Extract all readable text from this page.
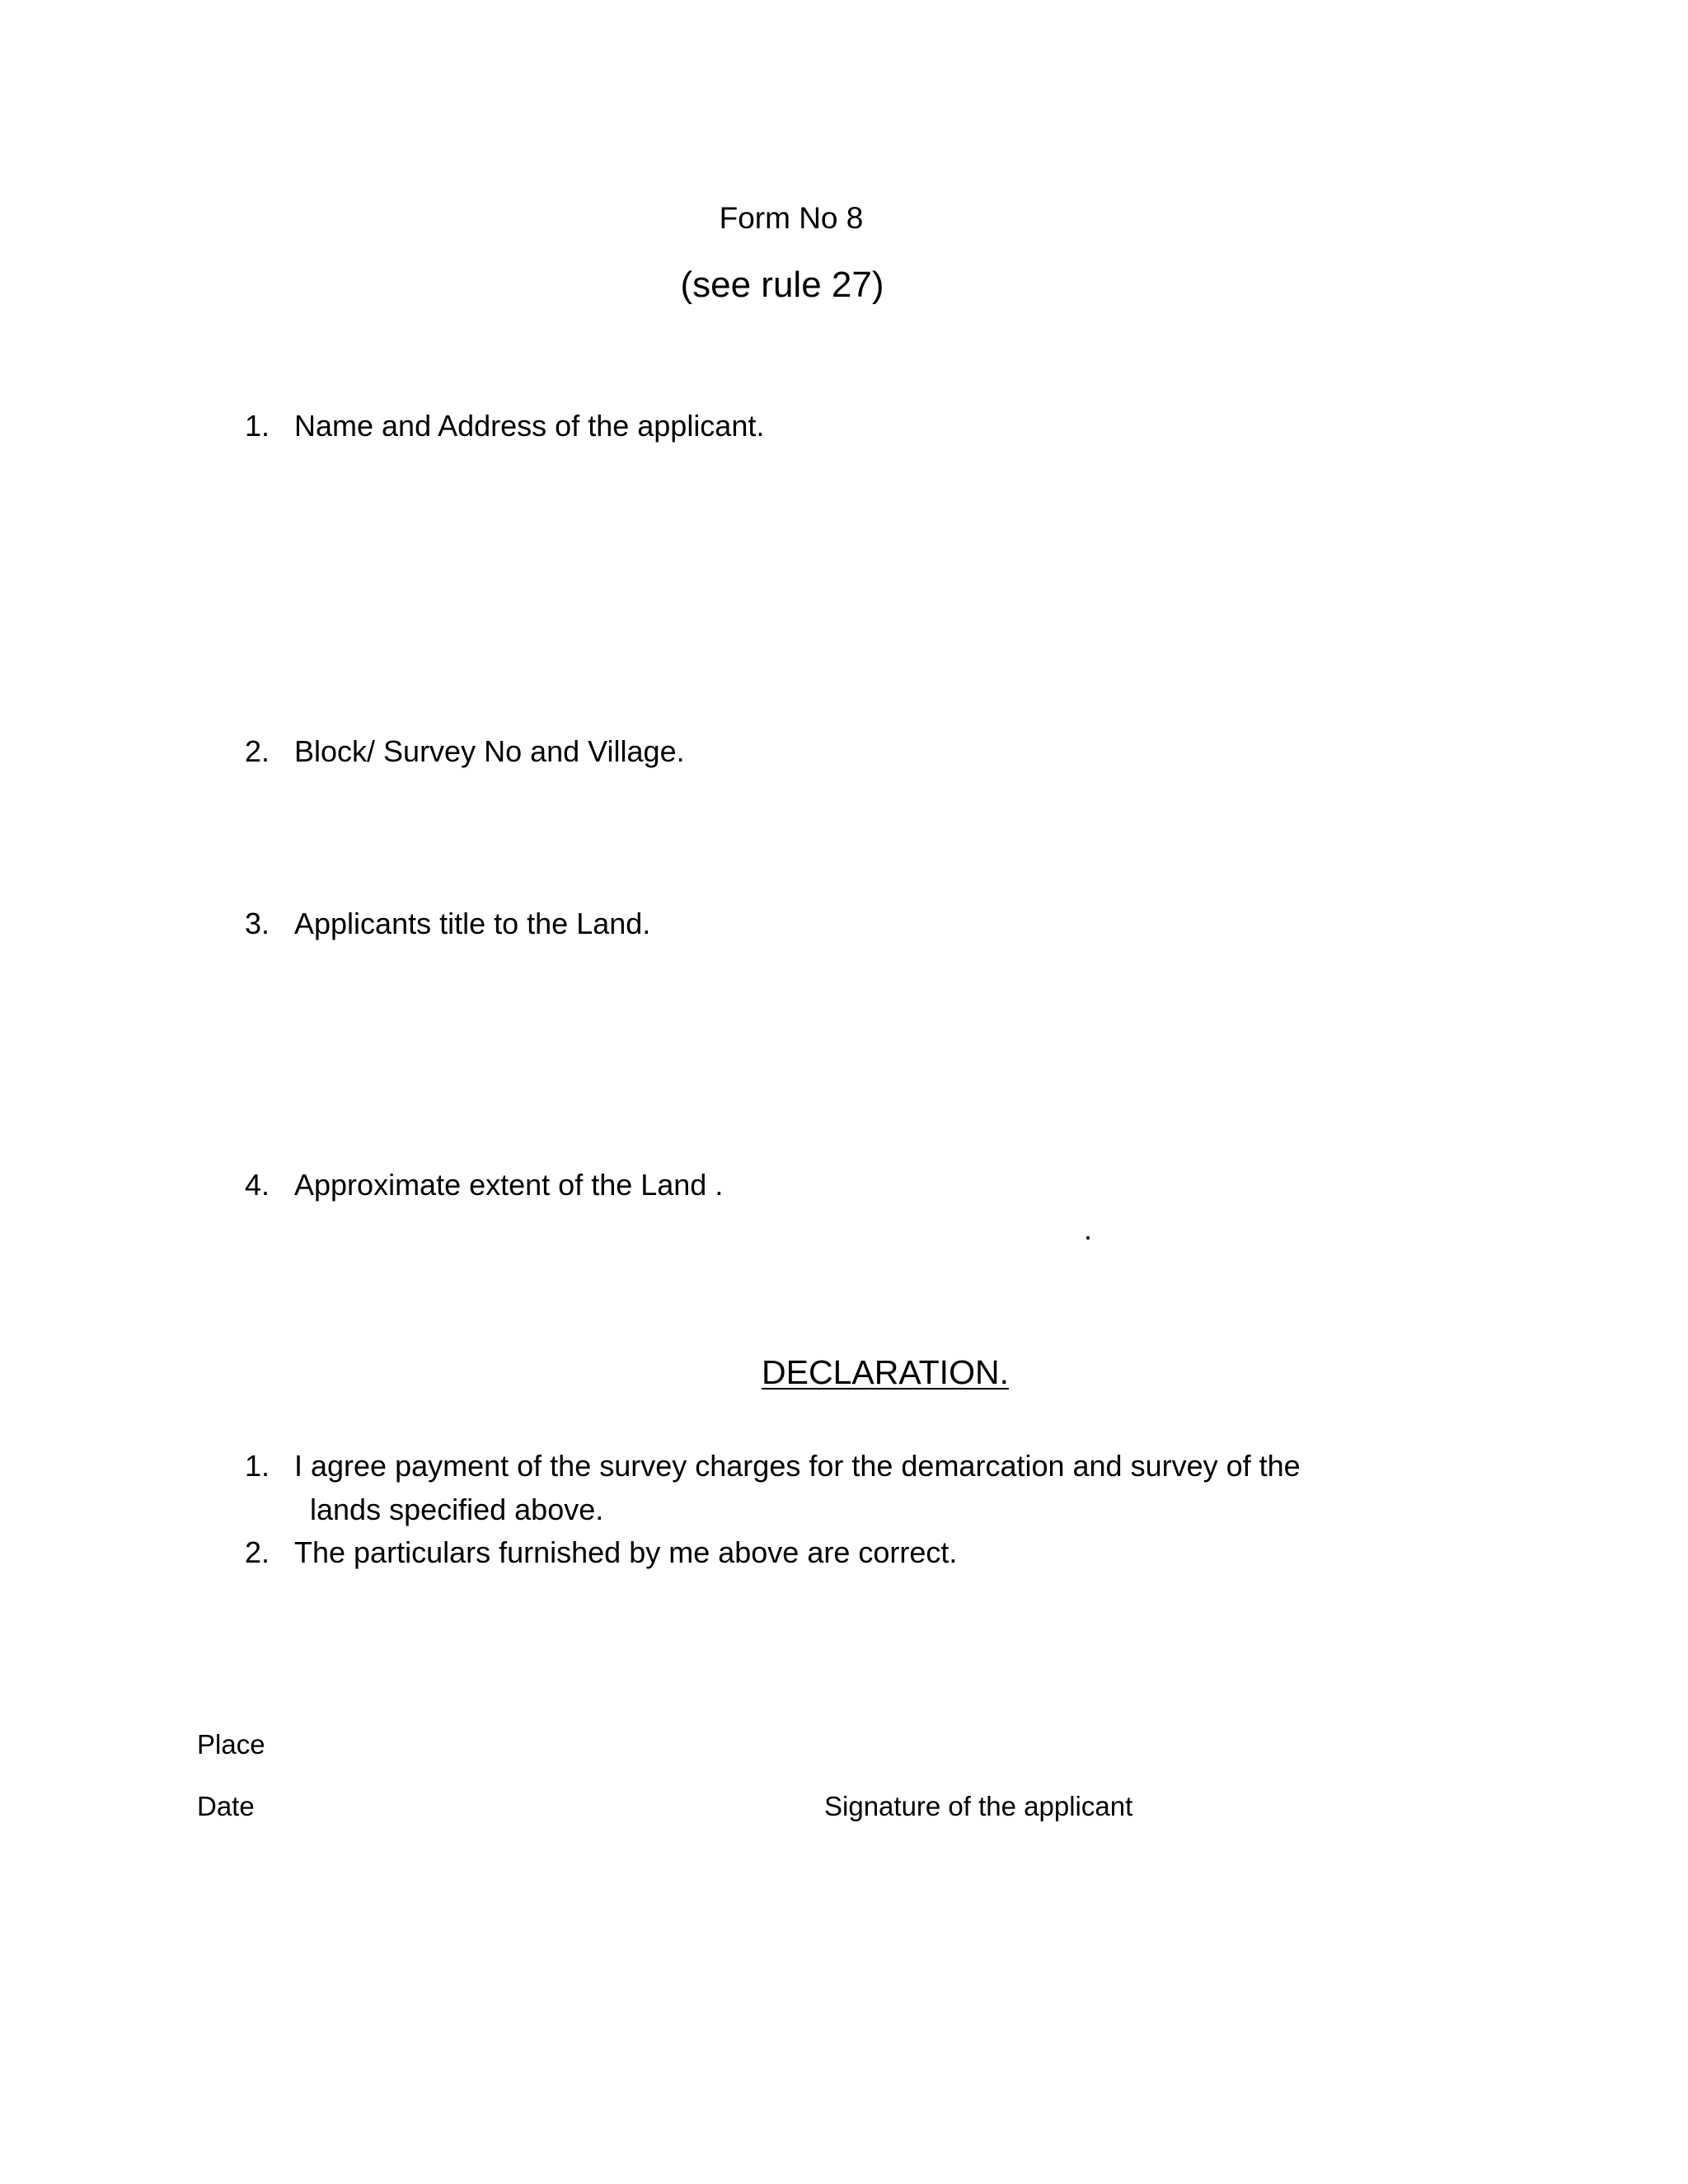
Form No 8
(see rule 27)
1. Name and Address of the applicant.
2. Block/ Survey No and Village.
3. Applicants title to the Land.
4. Approximate extent of the Land .
.
DECLARATION.
1. I agree payment of the survey charges for the demarcation and survey of the
lands specified above.
2. The particulars furnished by me above are correct.
Place
Date	Signature of the applicant
